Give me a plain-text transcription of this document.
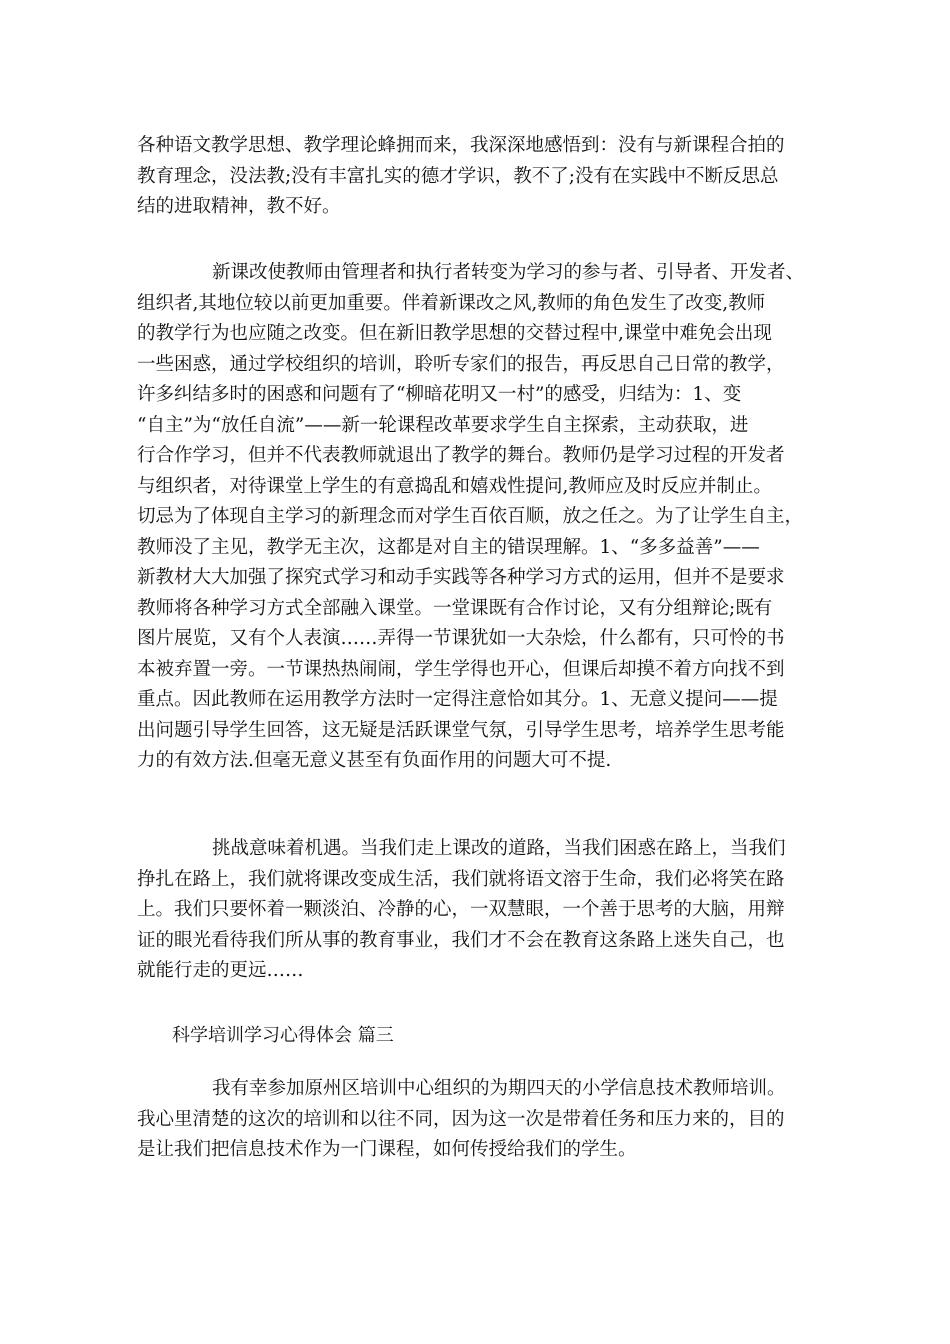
各种语文教学思想、教学理论蜂拥而来，我深深地感悟到：没有与新课程合拍的
教育理念，没法教;没有丰富扎实的德才学识，教不了;没有在实践中不断反思总
结的进取精神，教不好。
新课改使教师由管理者和执行者转变为学习的参与者、引导者、开发者、
组织者,其地位较以前更加重要。伴着新课改之风,教师的角色发生了改变,教师
的教学行为也应随之改变。但在新旧教学思想的交替过程中,课堂中难免会出现
一些困惑，通过学校组织的培训，聆听专家们的报告，再反思自己日常的教学，
许多纠结多时的困惑和问题有了“柳暗花明又一村”的感受，归结为：1、变
“自主”为“放任自流”——新一轮课程改革要求学生自主探索，主动获取，进
行合作学习，但并不代表教师就退出了教学的舞台。教师仍是学习过程的开发者
与组织者，对待课堂上学生的有意捣乱和嬉戏性提问,教师应及时反应并制止。
切忌为了体现自主学习的新理念而对学生百依百顺，放之任之。为了让学生自主，
教师没了主见，教学无主次，这都是对自主的错误理解。1、“多多益善”——
新教材大大加强了探究式学习和动手实践等各种学习方式的运用，但并不是要求
教师将各种学习方式全部融入课堂。一堂课既有合作讨论，又有分组辩论;既有
图片展览，又有个人表演……弄得一节课犹如一大杂烩，什么都有，只可怜的书
本被弃置一旁。一节课热热闹闹，学生学得也开心，但课后却摸不着方向找不到
重点。因此教师在运用教学方法时一定得注意恰如其分。1、无意义提问——提
出问题引导学生回答，这无疑是活跃课堂气氛，引导学生思考，培养学生思考能
力的有效方法.但毫无意义甚至有负面作用的问题大可不提.
挑战意味着机遇。当我们走上课改的道路，当我们困惑在路上，当我们
挣扎在路上，我们就将课改变成生活，我们就将语文溶于生命，我们必将笑在路
上。我们只要怀着一颗淡泊、冷静的心，一双慧眼，一个善于思考的大脑，用辩
证的眼光看待我们所从事的教育事业，我们才不会在教育这条路上迷失自己，也
就能行走的更远……
科学培训学习心得体会 篇三
我有幸参加原州区培训中心组织的为期四天的小学信息技术教师培训。
我心里清楚的这次的培训和以往不同，因为这一次是带着任务和压力来的，目的
是让我们把信息技术作为一门课程，如何传授给我们的学生。
